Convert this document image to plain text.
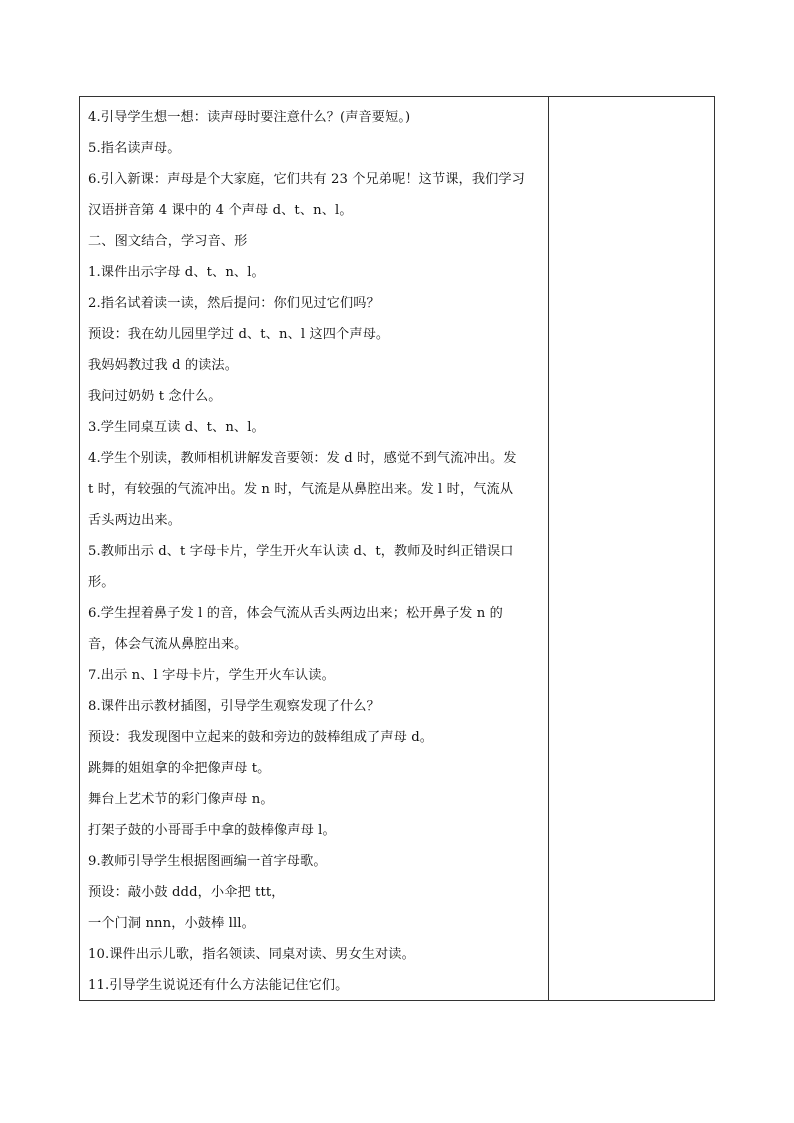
4.引导学生想一想：读声母时要注意什么？(声音要短。)
5.指名读声母。
6.引入新课：声母是个大家庭，它们共有 23 个兄弟呢！这节课，我们学习
汉语拼音第 4 课中的 4 个声母 d、t、n、l。
二、图文结合，学习音、形
1.课件出示字母 d、t、n、l。
2.指名试着读一读，然后提问：你们见过它们吗？
预设：我在幼儿园里学过 d、t、n、l 这四个声母。
我妈妈教过我 d 的读法。
我问过奶奶 t 念什么。
3.学生同桌互读 d、t、n、l。
4.学生个别读，教师相机讲解发音要领：发 d 时，感觉不到气流冲出。发
t 时，有较强的气流冲出。发 n 时，气流是从鼻腔出来。发 l 时，气流从
舌头两边出来。
5.教师出示 d、t 字母卡片，学生开火车认读 d、t，教师及时纠正错误口
形。
6.学生捏着鼻子发 l 的音，体会气流从舌头两边出来；松开鼻子发 n 的
音，体会气流从鼻腔出来。
7.出示 n、l 字母卡片，学生开火车认读。
8.课件出示教材插图，引导学生观察发现了什么？
预设：我发现图中立起来的鼓和旁边的鼓棒组成了声母 d。
跳舞的姐姐拿的伞把像声母 t。
舞台上艺术节的彩门像声母 n。
打架子鼓的小哥哥手中拿的鼓棒像声母 l。
9.教师引导学生根据图画编一首字母歌。
预设：敲小鼓 ddd，小伞把 ttt，
一个门洞 nnn，小鼓棒 lll。
10.课件出示儿歌，指名领读、同桌对读、男女生对读。
11.引导学生说说还有什么方法能记住它们。
